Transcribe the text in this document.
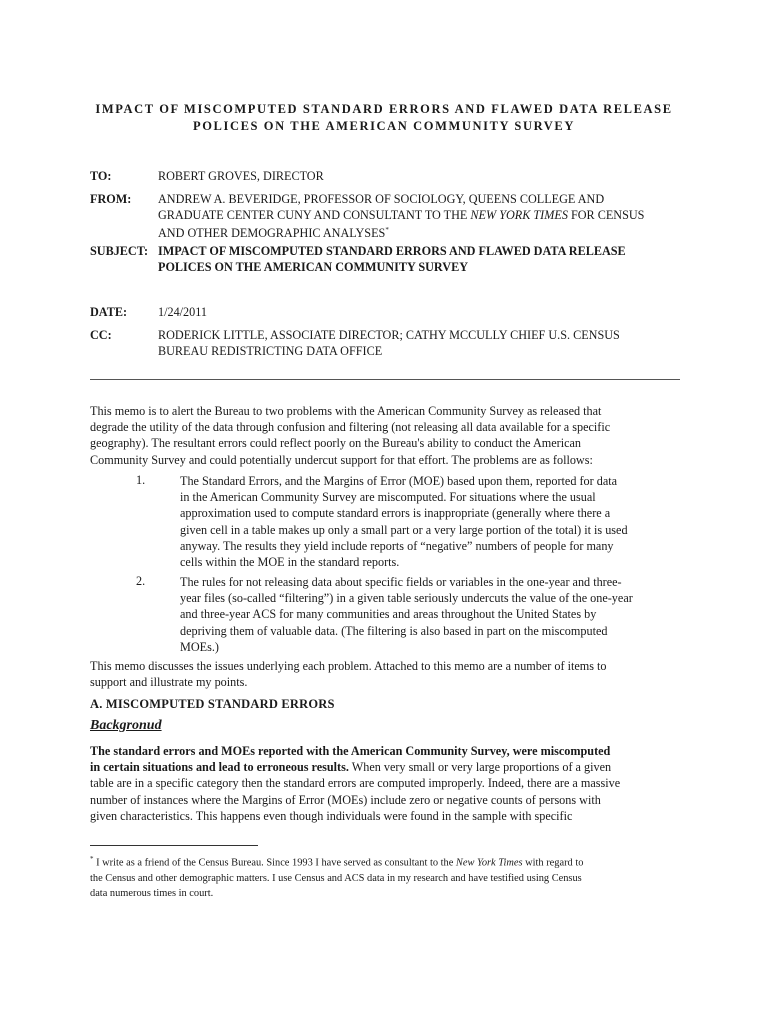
IMPACT OF MISCOMPUTED STANDARD ERRORS AND FLAWED DATA RELEASE
POLICES ON THE AMERICAN COMMUNITY SURVEY
TO:	ROBERT GROVES, DIRECTOR
FROM:	ANDREW A. BEVERIDGE, PROFESSOR OF SOCIOLOGY, QUEENS COLLEGE AND
GRADUATE CENTER CUNY AND CONSULTANT TO THE NEW YORK TIMES FOR CENSUS
AND OTHER DEMOGRAPHIC ANALYSES*
SUBJECT: IMPACT OF MISCOMPUTED STANDARD ERRORS AND FLAWED DATA RELEASE
POLICES ON THE AMERICAN COMMUNITY SURVEY
DATE:	1/24/2011
CC:	RODERICK LITTLE, ASSOCIATE DIRECTOR; CATHY MCCULLY CHIEF U.S. CENSUS
BUREAU REDISTRICTING DATA OFFICE
This memo is to alert the Bureau to two problems with the American Community Survey as released that
degrade the utility of the data through confusion and filtering (not releasing all data available for a specific
geography). The resultant errors could reflect poorly on the Bureau's ability to conduct the American
Community Survey and could potentially undercut support for that effort. The problems are as follows:
1.	The Standard Errors, and the Margins of Error (MOE) based upon them, reported for data
in the American Community Survey are miscomputed. For situations where the usual
approximation used to compute standard errors is inappropriate (generally where there a
given cell in a table makes up only a small part or a very large portion of the total) it is used
anyway. The results they yield include reports of “negative” numbers of people for many
cells within the MOE in the standard reports.
2.	The rules for not releasing data about specific fields or variables in the one-year and three-
year files (so-called “filtering”) in a given table seriously undercuts the value of the one-year
and three-year ACS for many communities and areas throughout the United States by
depriving them of valuable data. (The filtering is also based in part on the miscomputed
MOEs.)
This memo discusses the issues underlying each problem. Attached to this memo are a number of items to
support and illustrate my points.
A. MISCOMPUTED STANDARD ERRORS
Backgronud
The standard errors and MOEs reported with the American Community Survey, were miscomputed
in certain situations and lead to erroneous results. When very small or very large proportions of a given
table are in a specific category then the standard errors are computed improperly. Indeed, there are a massive
number of instances where the Margins of Error (MOEs) include zero or negative counts of persons with
given characteristics. This happens even though individuals were found in the sample with specific
* I write as a friend of the Census Bureau. Since 1993 I have served as consultant to the New York Times with regard to
the Census and other demographic matters. I use Census and ACS data in my research and have testified using Census
data numerous times in court.
